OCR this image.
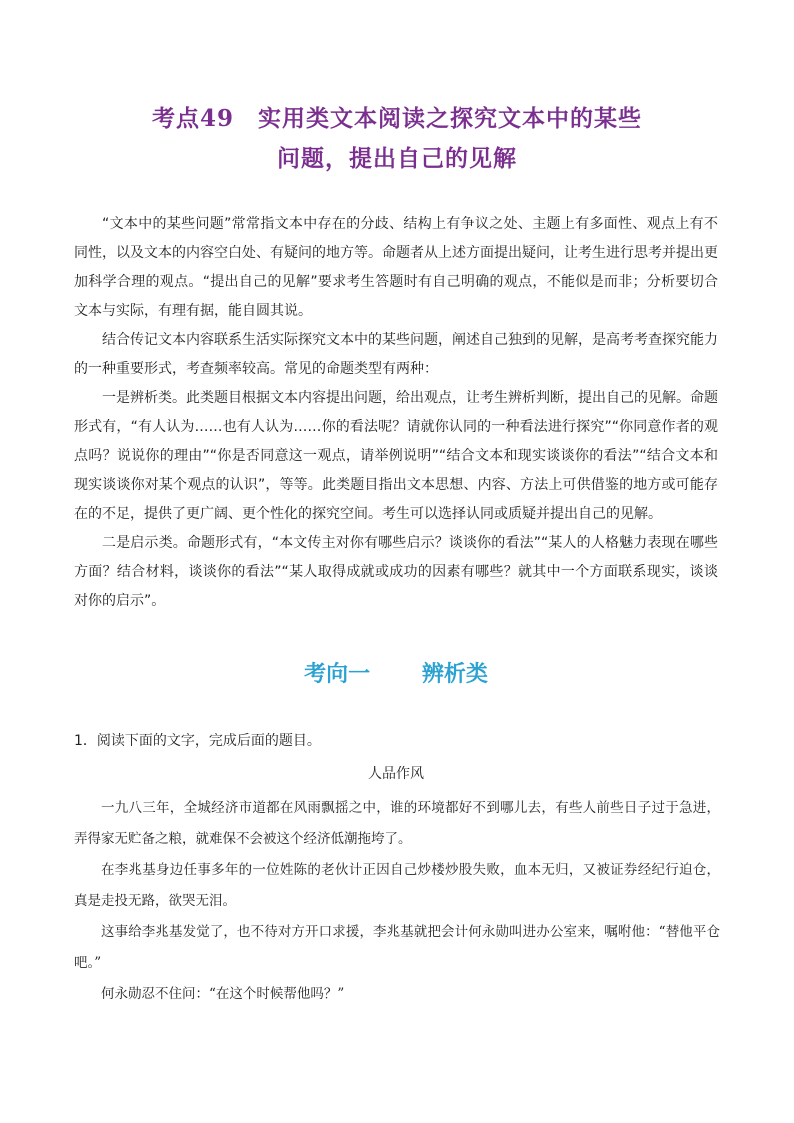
考点49　实用类文本阅读之探究文本中的某些
问题，提出自己的见解

“文本中的某些问题”常常指文本中存在的分歧、结构上有争议之处、主题上有多面性、观点上有不同性，以及文本的内容空白处、有疑问的地方等。命题者从上述方面提出疑问，让考生进行思考并提出更加科学合理的观点。“提出自己的见解”要求考生答题时有自己明确的观点，不能似是而非；分析要切合文本与实际，有理有据，能自圆其说。

结合传记文本内容联系生活实际探究文本中的某些问题，阐述自己独到的见解，是高考考查探究能力的一种重要形式，考查频率较高。常见的命题类型有两种：

一是辨析类。此类题目根据文本内容提出问题，给出观点，让考生辨析判断，提出自己的见解。命题形式有，“有人认为……也有人认为……你的看法呢？请就你认同的一种看法进行探究”“你同意作者的观点吗？说说你的理由”“你是否同意这一观点，请举例说明”“结合文本和现实谈谈你的看法”“结合文本和现实谈谈你对某个观点的认识”，等等。此类题目指出文本思想、内容、方法上可供借鉴的地方或可能存在的不足，提供了更广阔、更个性化的探究空间。考生可以选择认同或质疑并提出自己的见解。

二是启示类。命题形式有，“本文传主对你有哪些启示？谈谈你的看法”“某人的人格魅力表现在哪些方面？结合材料，谈谈你的看法”“某人取得成就或成功的因素有哪些？就其中一个方面联系现实，谈谈对你的启示”。

考向一 辨析类
1．阅读下面的文字，完成后面的题目。
人品作风

一九八三年，全城经济市道都在风雨飘摇之中，谁的环境都好不到哪儿去，有些人前些日子过于急进，弄得家无贮备之粮，就难保不会被这个经济低潮拖垮了。

在李兆基身边任事多年的一位姓陈的老伙计正因自己炒楼炒股失败，血本无归，又被证券经纪行迫仓，真是走投无路，欲哭无泪。

这事给李兆基发觉了，也不待对方开口求援，李兆基就把会计何永勋叫进办公室来，嘱咐他：“替他平仓吧。”

何永勋忍不住问：“在这个时候帮他吗？”
